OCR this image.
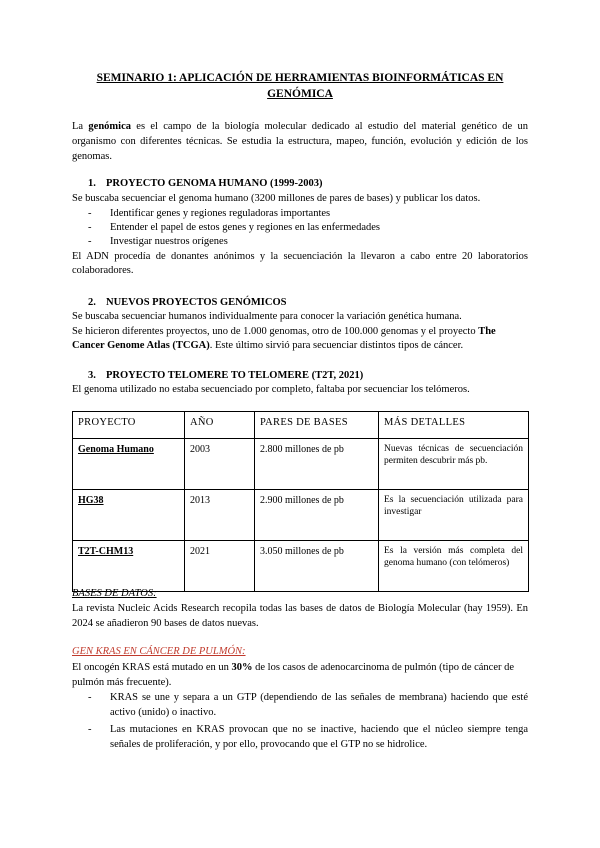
SEMINARIO 1: APLICACIÓN DE HERRAMIENTAS BIOINFORMÁTICAS EN GENÓMICA

La genómica es el campo de la biología molecular dedicado al estudio del material genético de un organismo con diferentes técnicas. Se estudia la estructura, mapeo, función, evolución y edición de los genomas.

1. PROYECTO GENOMA HUMANO (1999-2003)

Se buscaba secuenciar el genoma humano (3200 millones de pares de bases) y publicar los datos.

- Identificar genes y regiones reguladoras importantes
- Entender el papel de estos genes y regiones en las enfermedades
- Investigar nuestros orígenes

El ADN procedía de donantes anónimos y la secuenciación la llevaron a cabo entre 20 laboratorios colaboradores.

2. NUEVOS PROYECTOS GENÓMICOS

Se buscaba secuenciar humanos individualmente para conocer la variación genética humana.

Se hicieron diferentes proyectos, uno de 1.000 genomas, otro de 100.000 genomas y el proyecto The Cancer Genome Atlas (TCGA). Este último sirvió para secuenciar distintos tipos de cáncer.

3. PROYECTO TELOMERE TO TELOMERE (T2T, 2021)

El genoma utilizado no estaba secuenciado por completo, faltaba por secuenciar los telómeros.

PROYECTO	AÑO	PARES DE BASES	MÁS DETALLES
Genoma Humano	2003	2.800 millones de pb	Nuevas técnicas de secuenciación permiten descubrir más pb.
HG38	2013	2.900 millones de pb	Es la secuenciación utilizada para investigar
T2T-CHM13	2021	3.050 millones de pb	Es la versión más completa del genoma humano (con telómeros)

BASES DE DATOS:

La revista Nucleic Acids Research recopila todas las bases de datos de Biología Molecular (hay 1959). En 2024 se añadieron 90 bases de datos nuevas.

GEN KRAS EN CÁNCER DE PULMÓN:

El oncogén KRAS está mutado en un 30% de los casos de adenocarcinoma de pulmón (tipo de cáncer de pulmón más frecuente).

- KRAS se une y separa a un GTP (dependiendo de las señales de membrana) haciendo que esté activo (unido) o inactivo.
- Las mutaciones en KRAS provocan que no se inactive, haciendo que el núcleo siempre tenga señales de proliferación, y por ello, provocando que el GTP no se hidrolice.
